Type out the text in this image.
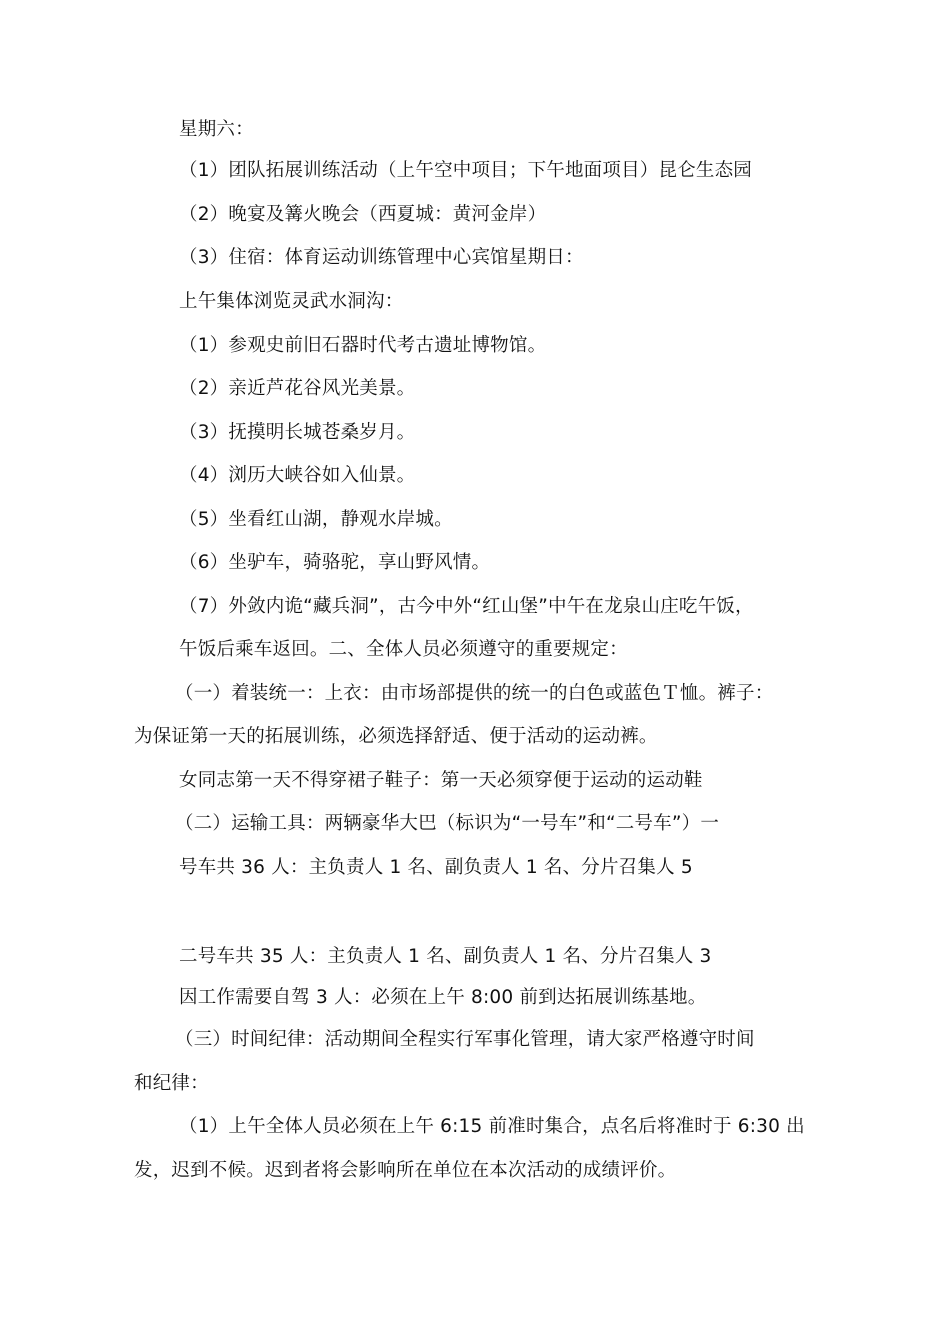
星期六：
（1）团队拓展训练活动（上午空中项目；下午地面项目）昆仑生态园
（2）晚宴及篝火晚会（西夏城：黄河金岸）
（3）住宿：体育运动训练管理中心宾馆星期日：
上午集体浏览灵武水洞沟：
（1）参观史前旧石器时代考古遗址博物馆。
（2）亲近芦花谷风光美景。
（3）抚摸明长城苍桑岁月。
（4）浏历大峡谷如入仙景。
（5）坐看红山湖，静观水岸城。
（6）坐驴车，骑骆驼，享山野风情。
（7）外敛内诡“藏兵洞”，古今中外“红山堡”中午在龙泉山庄吃午饭，
午饭后乘车返回。二、全体人员必须遵守的重要规定：
（一）着装统一：上衣：由市场部提供的统一的白色或蓝色Ｔ恤。裤子：
为保证第一天的拓展训练，必须选择舒适、便于活动的运动裤。
女同志第一天不得穿裙子鞋子：第一天必须穿便于运动的运动鞋
（二）运输工具：两辆豪华大巴（标识为“一号车”和“二号车”）一
号车共 36 人：主负责人 1 名、副负责人 1 名、分片召集人 5
二号车共 35 人：主负责人 1 名、副负责人 1 名、分片召集人 3
因工作需要自驾 3 人：必须在上午 8:00 前到达拓展训练基地。
（三）时间纪律：活动期间全程实行军事化管理，请大家严格遵守时间
和纪律：
（1）上午全体人员必须在上午 6:15 前准时集合，点名后将准时于 6:30 出
发，迟到不候。迟到者将会影响所在单位在本次活动的成绩评价。
